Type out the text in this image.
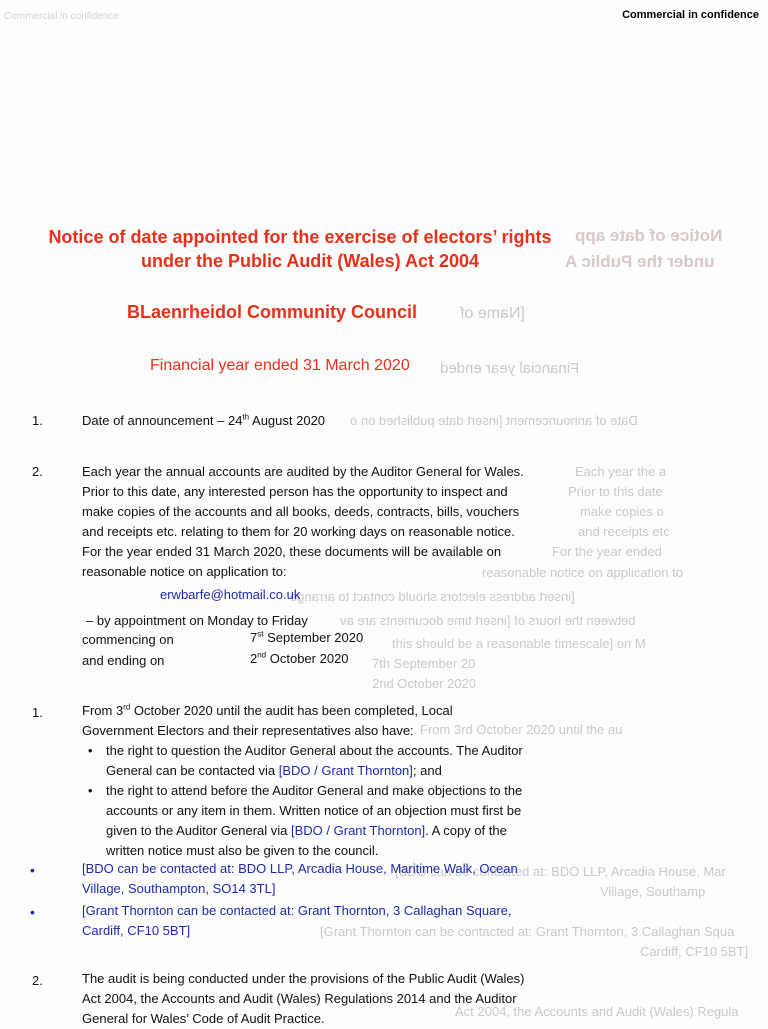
Commercial in confidence	Commercial in confidence
Notice of date app
under the Public A
[Name of
Financial year ended
Date of announcement [insert date published on o
Each year the a
Prior to this date
make copies o
and receipts etc
For the year ended
reasonable notice on application to
[insert address electors should contact to arrange
between the hours of [insert time documents are av
this should be a reasonable timescale] on M
7th September 20
2nd October 2020
From 3rd October 2020 until the au
[BDO can be contacted at: BDO LLP, Arcadia House, Mar
Village, Southamp
[Grant Thornton can be contacted at: Grant Thornton, 3 Callaghan Squa
Cardiff, CF10 5BT]
Act 2004, the Accounts and Audit (Wales) Regula
Notice of date appointed for the exercise of electors’ rights
under the Public Audit (Wales) Act 2004
BLaenrheidol Community Council
Financial year ended 31 March 2020
1.	Date of announcement – 24th August 2020
2.	Each year the annual accounts are audited by the Auditor General for Wales.
Prior to this date, any interested person has the opportunity to inspect and
make copies of the accounts and all books, deeds, contracts, bills, vouchers
and receipts etc. relating to them for 20 working days on reasonable notice.
For the year ended 31 March 2020, these documents will be available on
reasonable notice on application to:
erwbarfe@hotmail.co.uk
– by appointment on Monday to Friday
commencing on	7st September 2020
and ending on	2nd October 2020
1.	From 3rd October 2020 until the audit has been completed, Local
Government Electors and their representatives also have:
• the right to question the Auditor General about the accounts. The Auditor
General can be contacted via [BDO / Grant Thornton]; and
• the right to attend before the Auditor General and make objections to the
accounts or any item in them. Written notice of an objection must first be
given to the Auditor General via [BDO / Grant Thornton]. A copy of the
written notice must also be given to the council.
•	[BDO can be contacted at: BDO LLP, Arcadia House, Maritime Walk, Ocean
Village, Southampton, SO14 3TL]
•	[Grant Thornton can be contacted at: Grant Thornton, 3 Callaghan Square,
Cardiff, CF10 5BT]
2.	The audit is being conducted under the provisions of the Public Audit (Wales)
Act 2004, the Accounts and Audit (Wales) Regulations 2014 and the Auditor
General for Wales’ Code of Audit Practice.
